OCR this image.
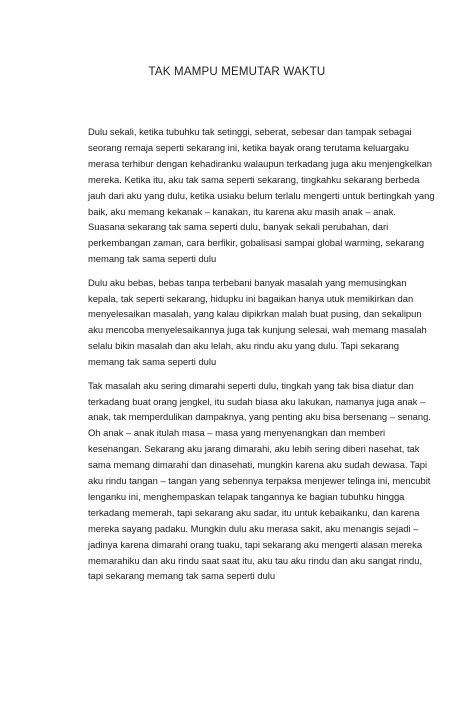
TAK MAMPU MEMUTAR WAKTU

Dulu sekali, ketika tubuhku tak setinggi, seberat, sebesar dan tampak sebagai
seorang remaja seperti sekarang ini, ketika bayak orang terutama keluargaku
merasa terhibur dengan kehadiranku walaupun terkadang juga aku menjengkelkan
mereka. Ketika itu, aku tak sama seperti sekarang, tingkahku sekarang berbeda
jauh dari aku yang dulu, ketika usiaku belum terlalu mengerti untuk bertingkah yang
baik, aku memang kekanak – kanakan, itu karena aku masih anak – anak.
Suasana sekarang tak sama seperti dulu, banyak sekali perubahan, dari
perkembangan zaman, cara berfikir, gobalisasi sampai global warming, sekarang
memang tak sama seperti dulu

Dulu aku bebas, bebas tanpa terbebani banyak masalah yang memusingkan
kepala, tak seperti sekarang, hidupku ini bagaikan hanya utuk memikirkan dan
menyelesaikan masalah, yang kalau dipikrkan malah buat pusing, dan sekalipun
aku mencoba menyelesaikannya juga tak kunjung selesai, wah memang masalah
selalu bikin masalah dan aku lelah, aku rindu aku yang dulu. Tapi sekarang
memang tak sama seperti dulu

Tak masalah aku sering dimarahi seperti dulu, tingkah yang tak bisa diatur dan
terkadang buat orang jengkel, itu sudah biasa aku lakukan, namanya juga anak –
anak, tak memperdulikan dampaknya, yang penting aku bisa bersenang – senang.
Oh anak – anak itulah masa – masa yang menyenangkan dan memberi
kesenangan. Sekarang aku jarang dimarahi, aku lebih sering diberi nasehat, tak
sama memang dimarahi dan dinasehati, mungkin karena aku sudah dewasa. Tapi
aku rindu tangan – tangan yang sebennya terpaksa menjewer telinga ini, mencubit
lenganku ini, menghempaskan telapak tangannya ke bagian tubuhku hingga
terkadang memerah, tapi sekarang aku sadar, itu untuk kebaikanku, dan karena
mereka sayang padaku. Mungkin dulu aku merasa sakit, aku menangis sejadi –
jadinya karena dimarahi orang tuaku, tapi sekarang aku mengerti alasan mereka
memarahiku dan aku rindu saat saat itu, aku tau aku rindu dan aku sangat rindu,
tapi sekarang memang tak sama seperti dulu
